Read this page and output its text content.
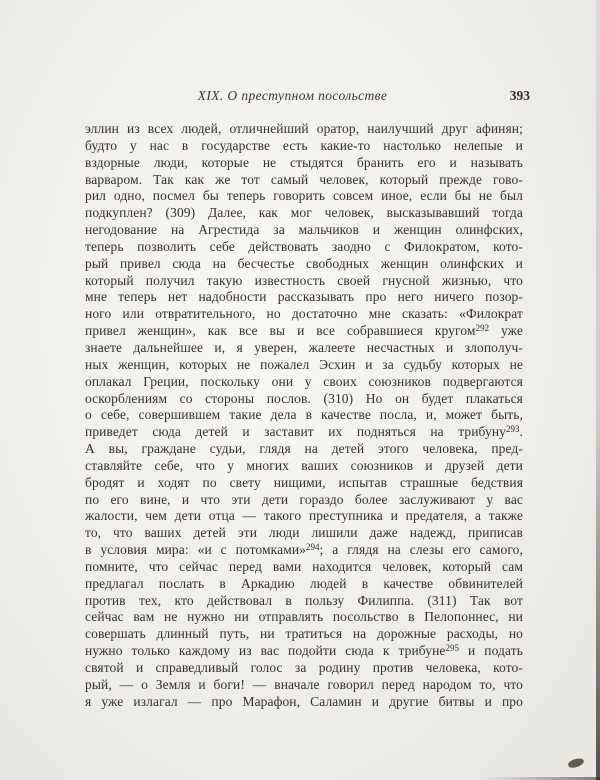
XIX. О преступном посольстве	393
эллин из всех людей, отличнейший оратор, наилучший друг афинян;
будто у нас в государстве есть какие-то настолько нелепые и
вздорные люди, которые не стыдятся бранить его и называть
варваром. Так как же тот самый человек, который прежде гово-
рил одно, посмел бы теперь говорить совсем иное, если бы не был
подкуплен? (309) Далее, как мог человек, высказывавший тогда
негодование на Агрестида за мальчиков и женщин олинфских,
теперь позволить себе действовать заодно с Филократом, кото-
рый привел сюда на бесчестье свободных женщин олинфских и
который получил такую известность своей гнусной жизнью, что
мне теперь нет надобности рассказывать про него ничего позор-
ного или отвратительного, но достаточно мне сказать: «Филократ
привел женщин», как все вы и все собравшиеся кругом$^{292}$ уже
знаете дальнейшее и, я уверен, жалеете несчастных и злополуч-
ных женщин, которых не пожалел Эсхин и за судьбу которых не
оплакал Греции, поскольку они у своих союзников подвергаются
оскорблениям со стороны послов. (310) Но он будет плакаться
о себе, совершившем такие дела в качестве посла, и, может быть,
приведет сюда детей и заставит их подняться на трибуну$^{293}$.
А вы, граждане судьи, глядя на детей этого человека, пред-
ставляйте себе, что у многих ваших союзников и друзей дети
бродят и ходят по свету нищими, испытав страшные бедствия
по его вине, и что эти дети гораздо более заслуживают у вас
жалости, чем дети отца — такого преступника и предателя, а также
то, что ваших детей эти люди лишили даже надежд, приписав
в условия мира: «и с потомками»$^{294}$; а глядя на слезы его самого,
помните, что сейчас перед вами находится человек, который сам
предлагал послать в Аркадию людей в качестве обвинителей
против тех, кто действовал в пользу Филиппа. (311) Так вот
сейчас вам не нужно ни отправлять посольство в Пелопоннес, ни
совершать длинный путь, ни тратиться на дорожные расходы, но
нужно только каждому из вас подойти сюда к трибуне$^{295}$ и подать
святой и справедливый голос за родину против человека, кото-
рый, — о Земля и боги! — вначале говорил перед народом то, что
я уже излагал — про Марафон, Саламин и другие битвы и про
